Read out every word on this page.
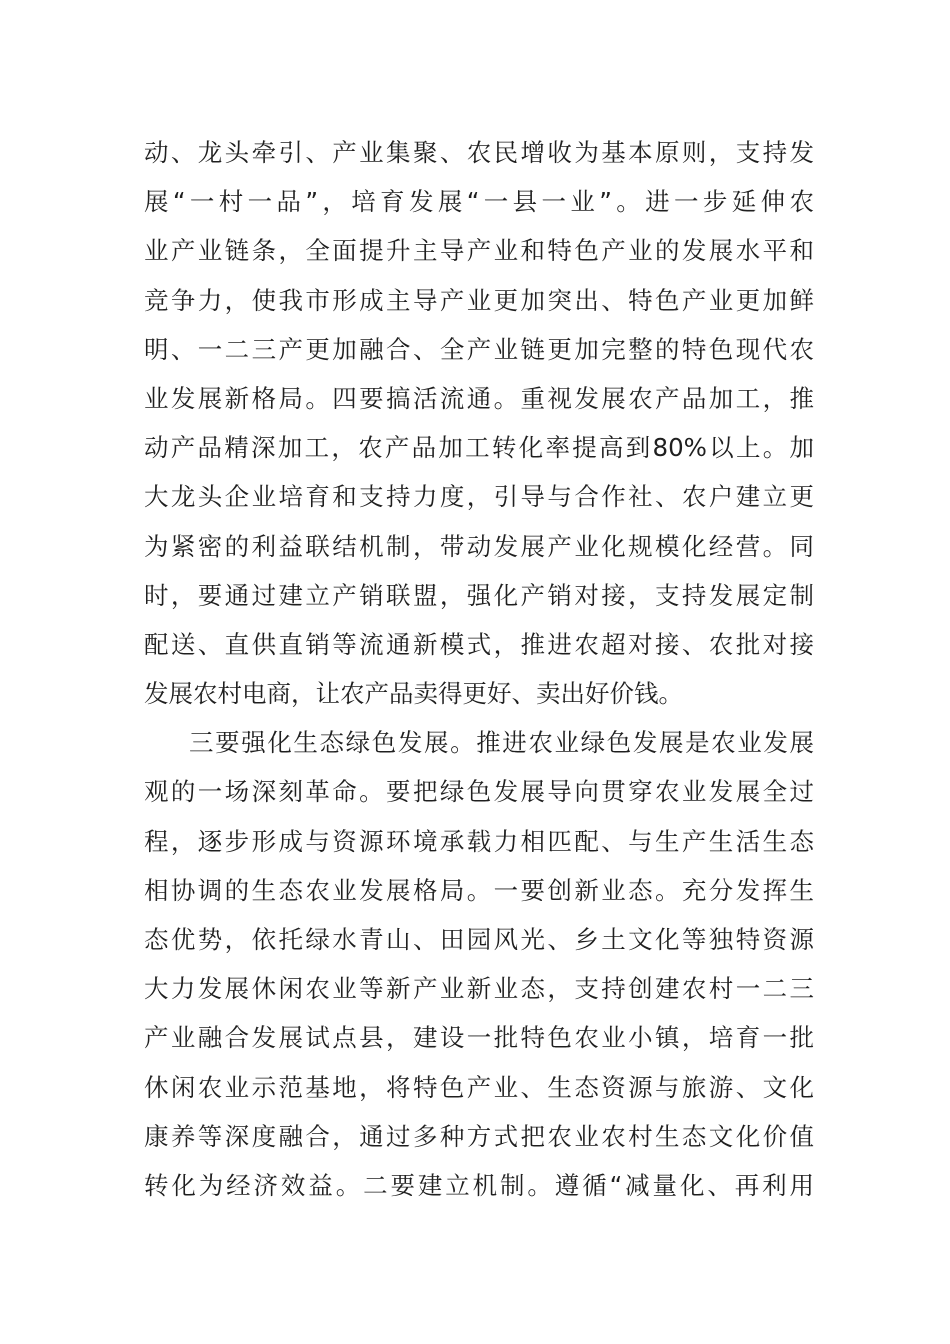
动、龙头牵引、产业集聚、农民增收为基本原则，支持发
展“一村一品”，培育发展“一县一业”。进一步延伸农
业产业链条，全面提升主导产业和特色产业的发展水平和
竞争力，使我市形成主导产业更加突出、特色产业更加鲜
明、一二三产更加融合、全产业链更加完整的特色现代农
业发展新格局。四要搞活流通。重视发展农产品加工，推
动产品精深加工，农产品加工转化率提高到80%以上。加
大龙头企业培育和支持力度，引导与合作社、农户建立更
为紧密的利益联结机制，带动发展产业化规模化经营。同
时，要通过建立产销联盟，强化产销对接，支持发展定制
配送、直供直销等流通新模式，推进农超对接、农批对接
发展农村电商，让农产品卖得更好、卖出好价钱。
三要强化生态绿色发展。推进农业绿色发展是农业发展
观的一场深刻革命。要把绿色发展导向贯穿农业发展全过
程，逐步形成与资源环境承载力相匹配、与生产生活生态
相协调的生态农业发展格局。一要创新业态。充分发挥生
态优势，依托绿水青山、田园风光、乡土文化等独特资源
大力发展休闲农业等新产业新业态，支持创建农村一二三
产业融合发展试点县，建设一批特色农业小镇，培育一批
休闲农业示范基地，将特色产业、生态资源与旅游、文化
康养等深度融合，通过多种方式把农业农村生态文化价值
转化为经济效益。二要建立机制。遵循“减量化、再利用
